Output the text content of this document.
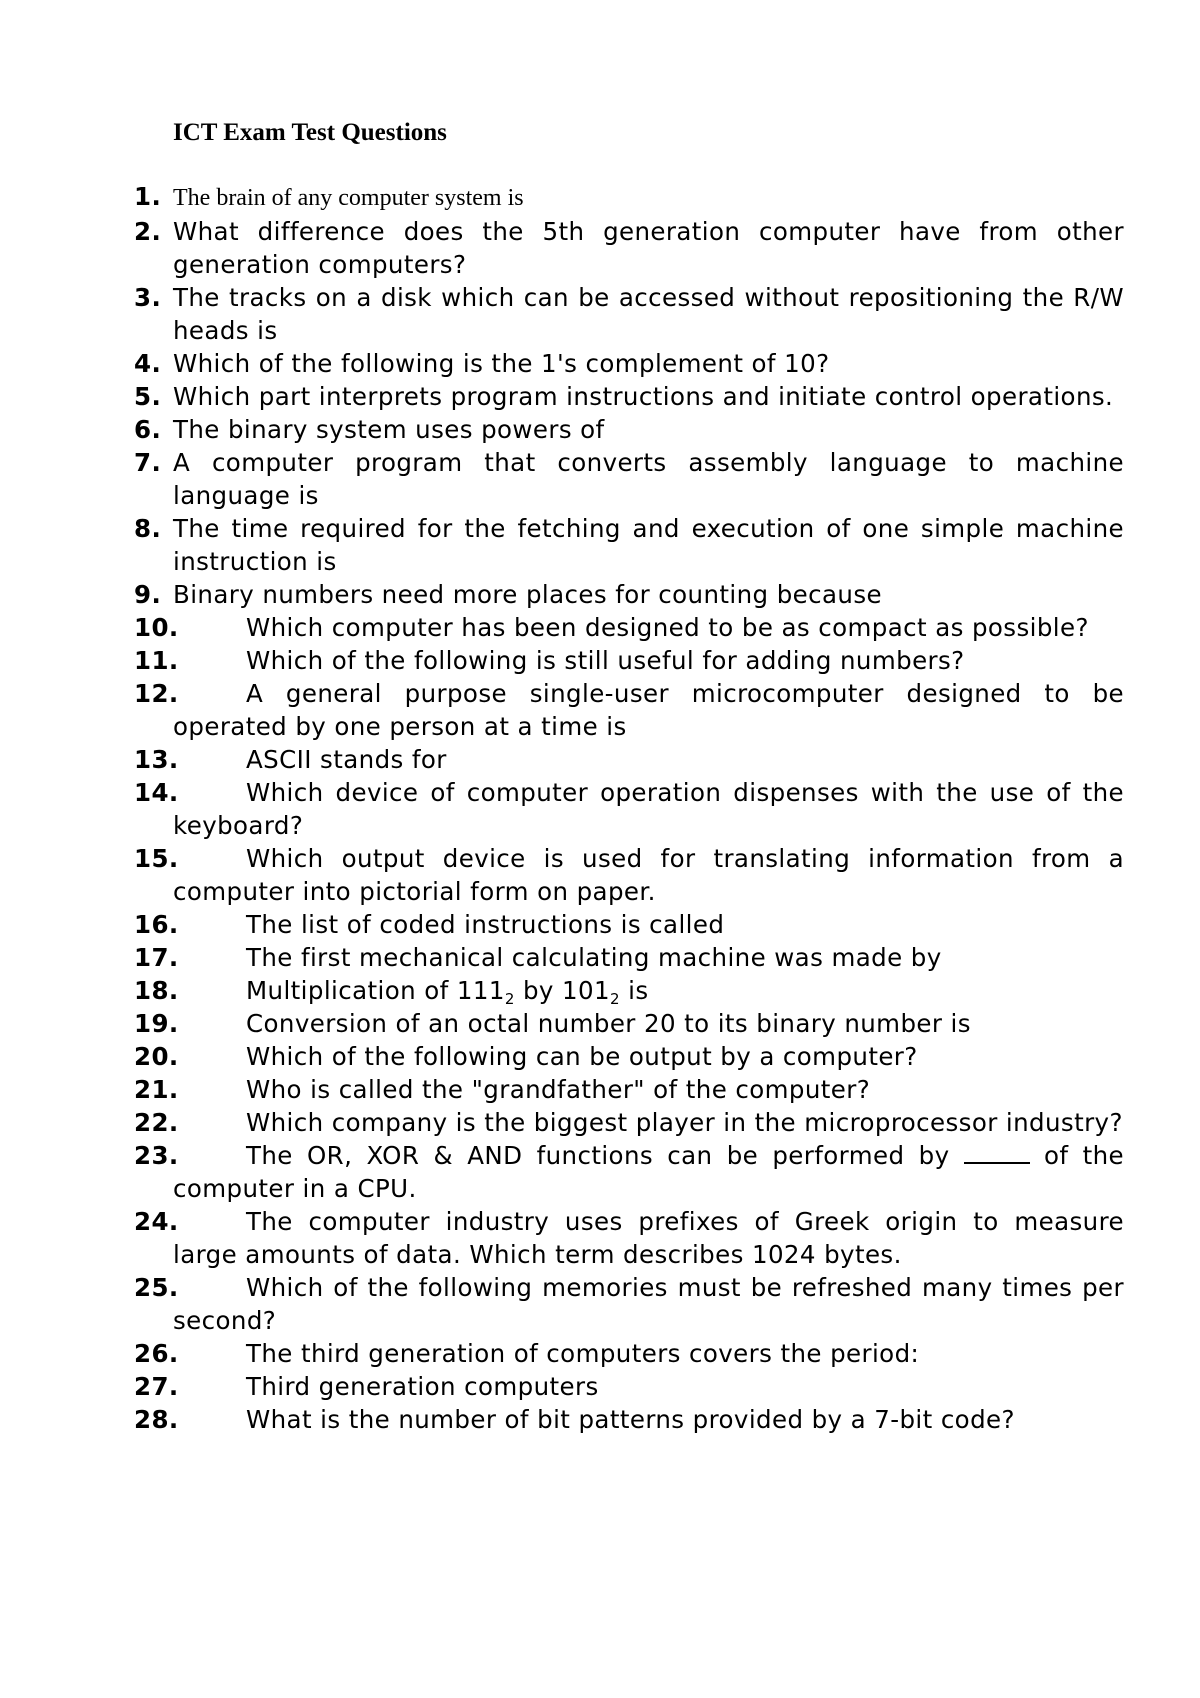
ICT Exam Test Questions
1. The brain of any computer system is
2. What difference does the 5th generation computer have from other generation computers?
3. The tracks on a disk which can be accessed without repositioning the R/W heads is
4. Which of the following is the 1's complement of 10?
5. Which part interprets program instructions and initiate control operations.
6. The binary system uses powers of
7. A computer program that converts assembly language to machine language is
8. The time required for the fetching and execution of one simple machine instruction is
9. Binary numbers need more places for counting because
10.	Which computer has been designed to be as compact as possible?
11.	Which of the following is still useful for adding numbers?
12.	A general purpose single-user microcomputer designed to be operated by one person at a time is
13.	ASCII stands for
14.	Which device of computer operation dispenses with the use of the keyboard?
15.	Which output device is used for translating information from a computer into pictorial form on paper.
16.	The list of coded instructions is called
17.	The first mechanical calculating machine was made by
18.	Multiplication of $111_2$ by $101_2$ is
19.	Conversion of an octal number 20 to its binary number is
20.	Which of the following can be output by a computer?
21.	Who is called the "grandfather" of the computer?
22.	Which company is the biggest player in the microprocessor industry?
23.	The OR, XOR & AND functions can be performed by	of the computer in a CPU.
24.	The computer industry uses prefixes of Greek origin to measure large amounts of data. Which term describes 1024 bytes.
25.	Which of the following memories must be refreshed many times per second?
26.	The third generation of computers covers the period:
27.	Third generation computers
28.	What is the number of bit patterns provided by a 7-bit code?
